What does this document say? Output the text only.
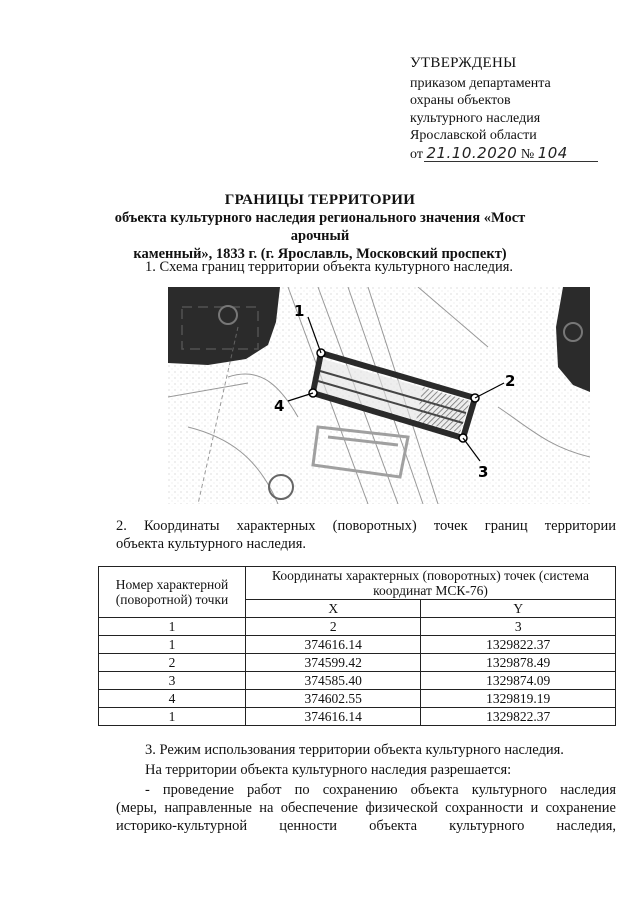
УТВЕРЖДЕНЫ
приказом департамента
охраны объектов
культурного наследия
Ярославской области
от 21.10.2020 № 104
ГРАНИЦЫ ТЕРРИТОРИИ
объекта культурного наследия регионального значения «Мост арочный
каменный», 1833 г. (г. Ярославль, Московский проспект)
1. Схема границ территории объекта культурного наследия.
1
2
3
4
2. Координаты характерных (поворотных) точек границ территории
объекта культурного наследия.
Номер характерной (поворотной) точки	Координаты характерных (поворотных) точек (система координат МСК-76)	
	X	Y
1	2	3
1	374616.14	1329822.37
2	374599.42	1329878.49
3	374585.40	1329874.09
4	374602.55	1329819.19
1	374616.14	1329822.37
3. Режим использования территории объекта культурного наследия.
На территории объекта культурного наследия разрешается:
- проведение работ по сохранению объекта культурного наследия
(меры, направленные на обеспечение физической сохранности и сохранение
историко-культурной ценности объекта культурного наследия,
